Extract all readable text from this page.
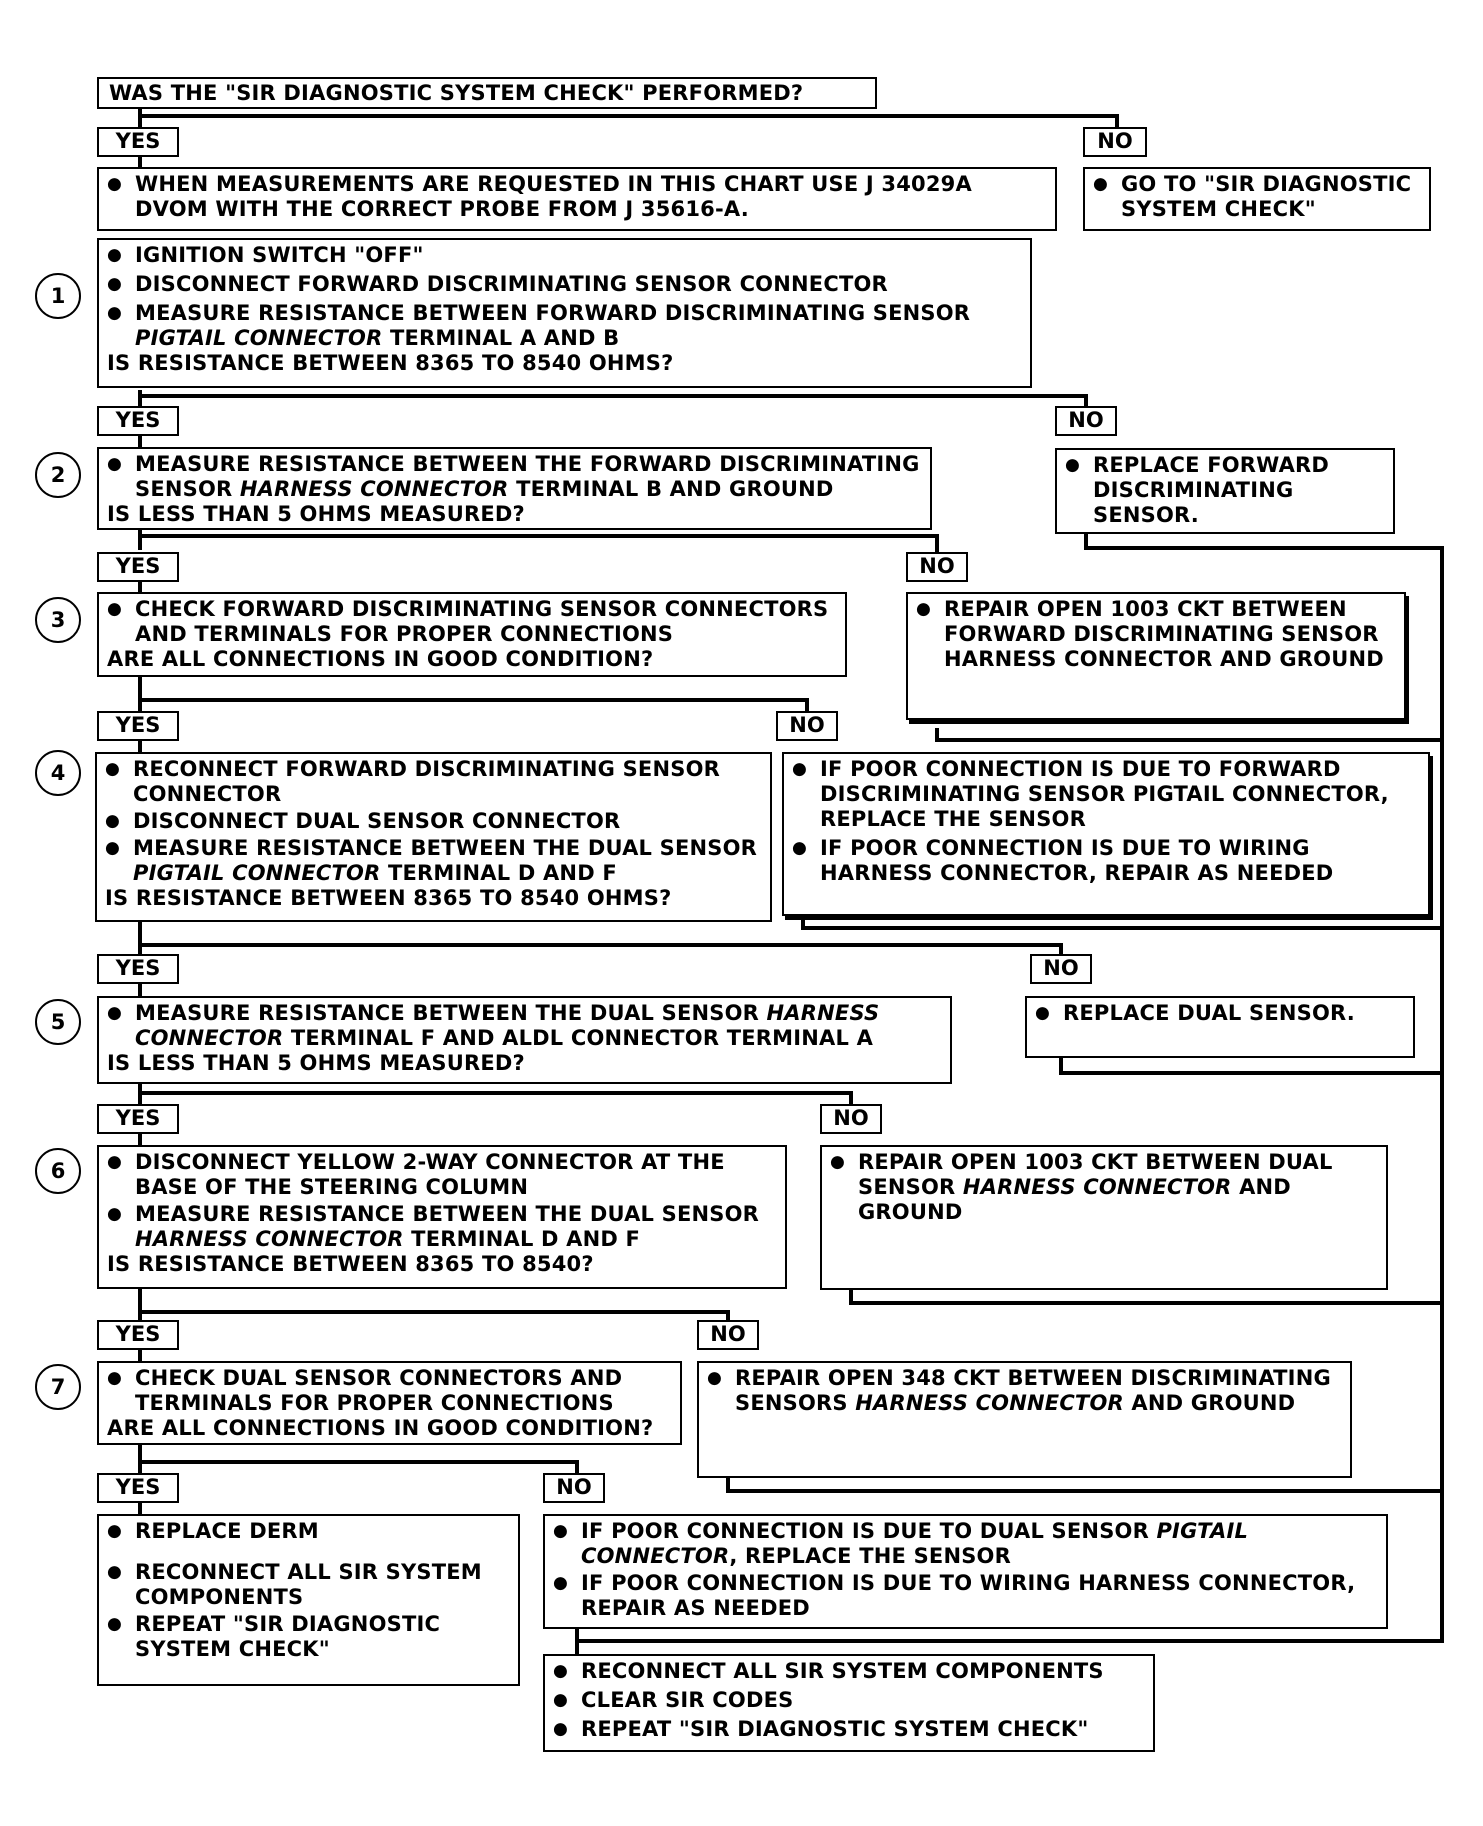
WAS THE "SIR DIAGNOSTIC SYSTEM CHECK" PERFORMED?
YES	NO
● WHEN MEASUREMENTS ARE REQUESTED IN THIS CHART USE J 34029A DVOM WITH THE CORRECT PROBE FROM J 35616-A.
● GO TO "SIR DIAGNOSTIC SYSTEM CHECK"
1
● IGNITION SWITCH "OFF"
● DISCONNECT FORWARD DISCRIMINATING SENSOR CONNECTOR
● MEASURE RESISTANCE BETWEEN FORWARD DISCRIMINATING SENSOR
PIGTAIL CONNECTOR TERMINAL A AND B
IS RESISTANCE BETWEEN 8365 TO 8540 OHMS?
YES	NO
● REPLACE FORWARD DISCRIMINATING SENSOR.
2	● MEASURE RESISTANCE BETWEEN THE FORWARD DISCRIMINATING SENSOR HARNESS CONNECTOR TERMINAL B AND GROUND
IS LESS THAN 5 OHMS MEASURED?
YES	NO
● REPAIR OPEN 1003 CKT BETWEEN FORWARD DISCRIMINATING SENSOR HARNESS CONNECTOR AND GROUND
3	● CHECK FORWARD DISCRIMINATING SENSOR CONNECTORS AND TERMINALS FOR PROPER CONNECTIONS
ARE ALL CONNECTIONS IN GOOD CONDITION?
YES	NO
● IF POOR CONNECTION IS DUE TO FORWARD DISCRIMINATING SENSOR PIGTAIL CONNECTOR, REPLACE THE SENSOR
● IF POOR CONNECTION IS DUE TO WIRING HARNESS CONNECTOR, REPAIR AS NEEDED
4	● RECONNECT FORWARD DISCRIMINATING SENSOR CONNECTOR
● DISCONNECT DUAL SENSOR CONNECTOR
● MEASURE RESISTANCE BETWEEN THE DUAL SENSOR PIGTAIL CONNECTOR TERMINAL D AND F
IS RESISTANCE BETWEEN 8365 TO 8540 OHMS?
YES	NO
● REPLACE DUAL SENSOR.
5	● MEASURE RESISTANCE BETWEEN THE DUAL SENSOR HARNESS CONNECTOR TERMINAL F AND ALDL CONNECTOR TERMINAL A
IS LESS THAN 5 OHMS MEASURED?
YES	NO
● REPAIR OPEN 1003 CKT BETWEEN DUAL SENSOR HARNESS CONNECTOR AND GROUND
6	● DISCONNECT YELLOW 2-WAY CONNECTOR AT THE BASE OF THE STEERING COLUMN
● MEASURE RESISTANCE BETWEEN THE DUAL SENSOR HARNESS CONNECTOR TERMINAL D AND F
IS RESISTANCE BETWEEN 8365 TO 8540?
YES	NO
● REPAIR OPEN 348 CKT BETWEEN DISCRIMINATING SENSORS HARNESS CONNECTOR AND GROUND
7	● CHECK DUAL SENSOR CONNECTORS AND TERMINALS FOR PROPER CONNECTIONS
ARE ALL CONNECTIONS IN GOOD CONDITION?
YES	NO
● REPLACE DERM
● RECONNECT ALL SIR SYSTEM COMPONENTS
● REPEAT "SIR DIAGNOSTIC SYSTEM CHECK"
● IF POOR CONNECTION IS DUE TO DUAL SENSOR PIGTAIL CONNECTOR, REPLACE THE SENSOR
● IF POOR CONNECTION IS DUE TO WIRING HARNESS CONNECTOR, REPAIR AS NEEDED
● RECONNECT ALL SIR SYSTEM COMPONENTS
● CLEAR SIR CODES
● REPEAT "SIR DIAGNOSTIC SYSTEM CHECK"
